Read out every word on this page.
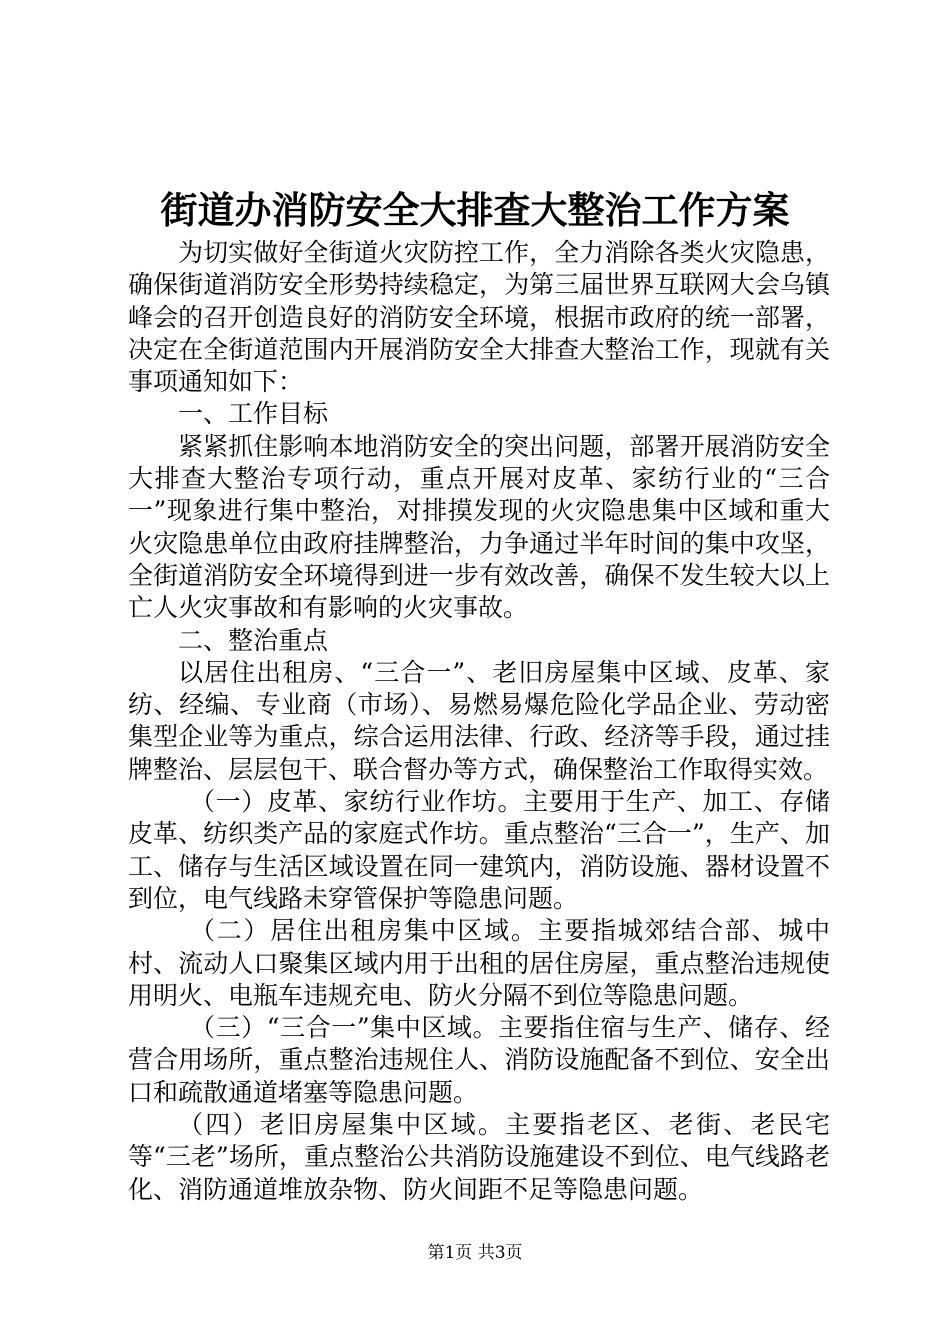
街道办消防安全大排查大整治工作方案

为切实做好全街道火灾防控工作，全力消除各类火灾隐患，确保街道消防安全形势持续稳定，为第三届世界互联网大会乌镇峰会的召开创造良好的消防安全环境，根据市政府的统一部署，决定在全街道范围内开展消防安全大排查大整治工作，现就有关事项通知如下：

一、工作目标

紧紧抓住影响本地消防安全的突出问题，部署开展消防安全大排查大整治专项行动，重点开展对皮革、家纺行业的“三合一”现象进行集中整治，对排摸发现的火灾隐患集中区域和重大火灾隐患单位由政府挂牌整治，力争通过半年时间的集中攻坚，全街道消防安全环境得到进一步有效改善，确保不发生较大以上亡人火灾事故和有影响的火灾事故。

二、整治重点

以居住出租房、“三合一”、老旧房屋集中区域、皮革、家纺、经编、专业商（市场）、易燃易爆危险化学品企业、劳动密集型企业等为重点，综合运用法律、行政、经济等手段，通过挂牌整治、层层包干、联合督办等方式，确保整治工作取得实效。

（一）皮革、家纺行业作坊。主要用于生产、加工、存储皮革、纺织类产品的家庭式作坊。重点整治“三合一”，生产、加工、储存与生活区域设置在同一建筑内，消防设施、器材设置不到位，电气线路未穿管保护等隐患问题。

（二）居住出租房集中区域。主要指城郊结合部、城中村、流动人口聚集区域内用于出租的居住房屋，重点整治违规使用明火、电瓶车违规充电、防火分隔不到位等隐患问题。

（三）“三合一”集中区域。主要指住宿与生产、储存、经营合用场所，重点整治违规住人、消防设施配备不到位、安全出口和疏散通道堵塞等隐患问题。

（四）老旧房屋集中区域。主要指老区、老街、老民宅等“三老”场所，重点整治公共消防设施建设不到位、电气线路老化、消防通道堆放杂物、防火间距不足等隐患问题。

第1页 共3页
